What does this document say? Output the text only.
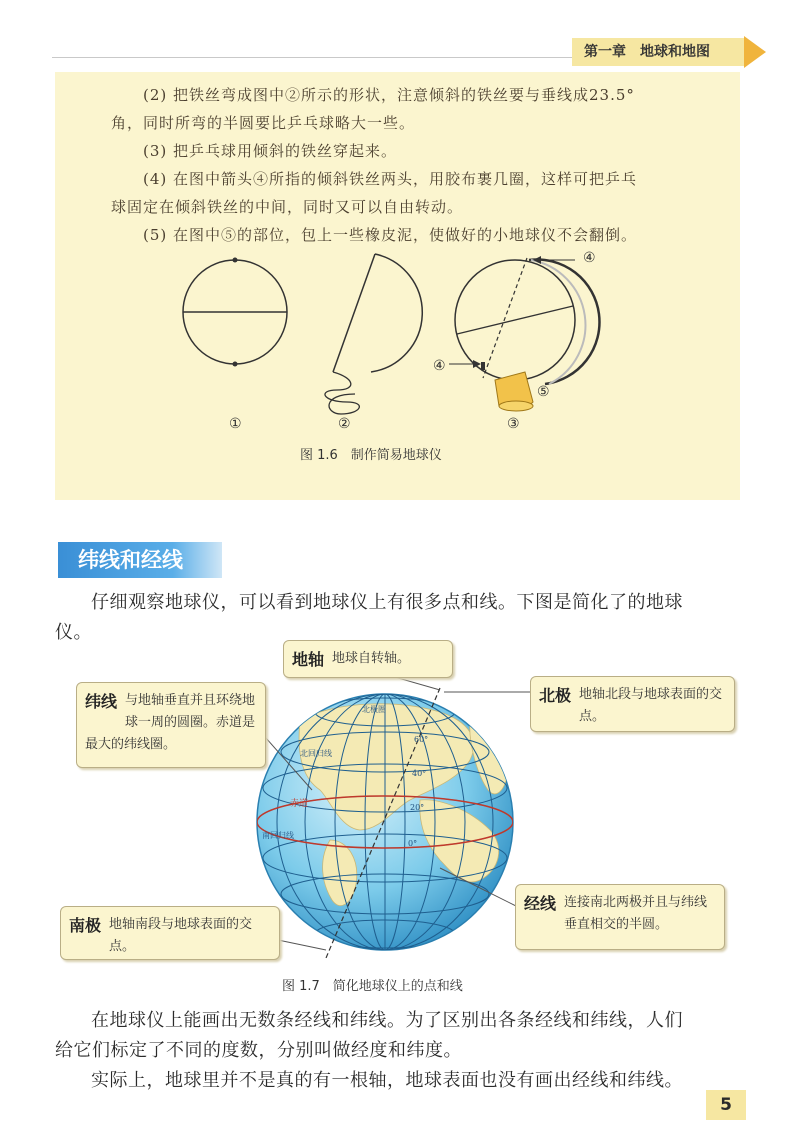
第一章　地球和地图
(2) 把铁丝弯成图中②所示的形状，注意倾斜的铁丝要与垂线成23.5°
角，同时所弯的半圆要比乒乓球略大一些。
(3) 把乒乓球用倾斜的铁丝穿起来。
(4) 在图中箭头④所指的倾斜铁丝两头，用胶布裹几圈，这样可把乒乓
球固定在倾斜铁丝的中间，同时又可以自由转动。
(5) 在图中⑤的部位，包上一些橡皮泥，使做好的小地球仪不会翻倒。
④
④
⑤
①	②	③
图 1.6　制作简易地球仪
纬线和经线
仔细观察地球仪，可以看到地球仪上有很多点和线。下图是简化了的地球
仪。
北极圈
北回归线
赤道
南回归线
60°
40°
20°
0°
地轴 地球自转轴。
纬线 与地轴垂直并且环绕地球一周的圆圈。赤道是最大的纬线圈。
北极 地轴北段与地球表面的交点。
经线 连接南北两极并且与纬线垂直相交的半圆。
南极 地轴南段与地球表面的交点。
图 1.7　简化地球仪上的点和线
在地球仪上能画出无数条经线和纬线。为了区别出各条经线和纬线，人们
给它们标定了不同的度数，分别叫做经度和纬度。
实际上，地球里并不是真的有一根轴，地球表面也没有画出经线和纬线。
5
